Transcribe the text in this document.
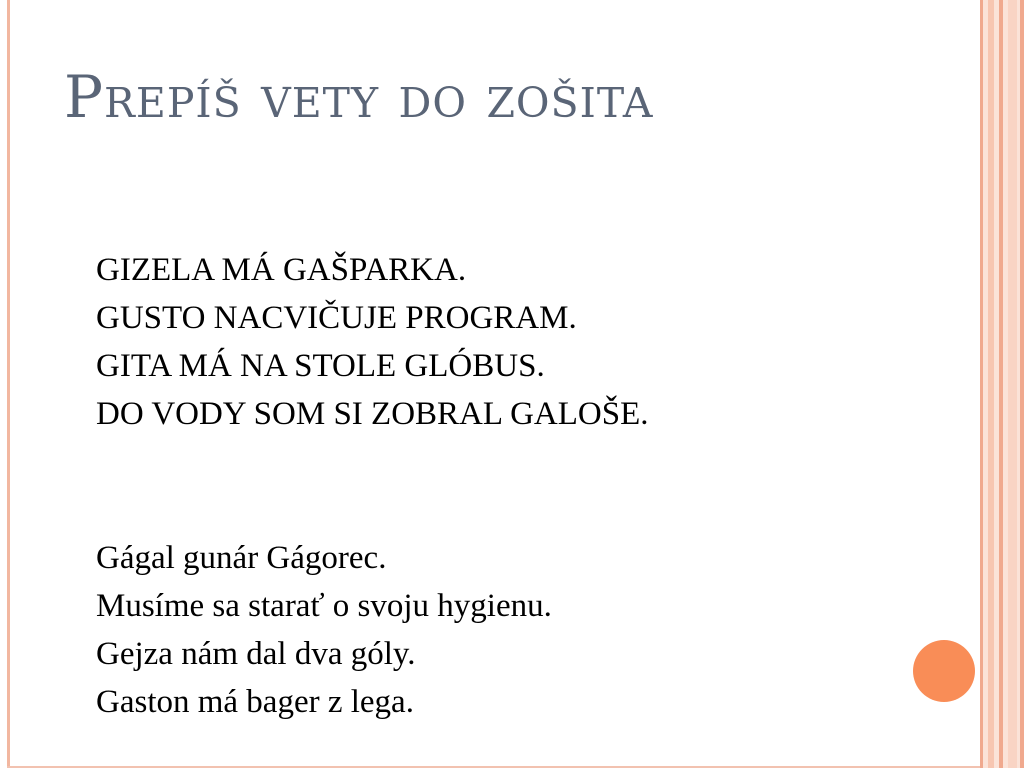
Prepíš vety do zošita
GIZELA MÁ GAŠPARKA.
GUSTO NACVIČUJE PROGRAM.
GITA MÁ NA STOLE GLÓBUS.
DO VODY SOM SI ZOBRAL GALOŠE.
Gágal gunár Gágorec.
Musíme sa starať o svoju hygienu.
Gejza nám dal dva góly.
Gaston má bager z lega.
